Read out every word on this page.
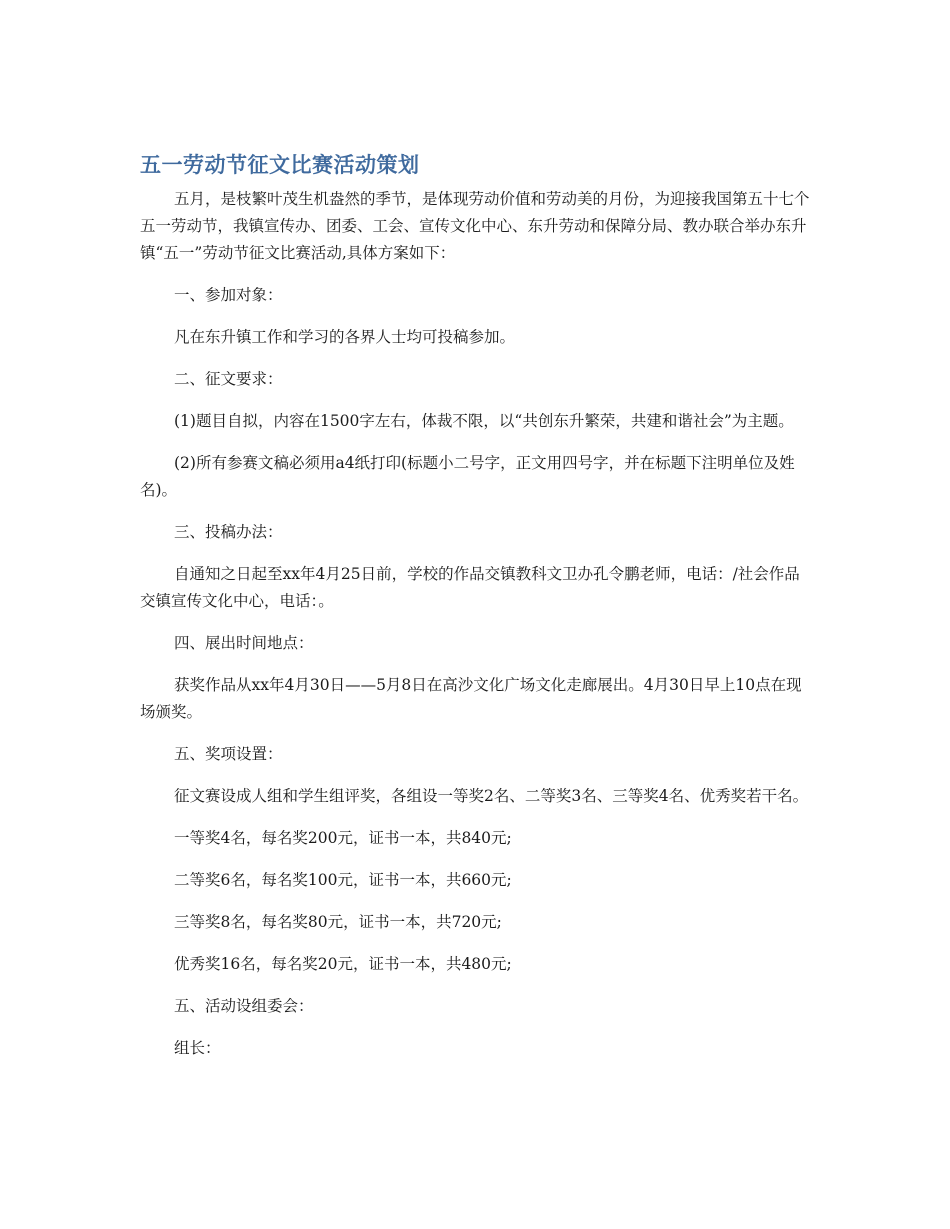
五一劳动节征文比赛活动策划

五月，是枝繁叶茂生机盎然的季节，是体现劳动价值和劳动美的月份，为迎接我国第五十七个五一劳动节，我镇宣传办、团委、工会、宣传文化中心、东升劳动和保障分局、教办联合举办东升镇“五一”劳动节征文比赛活动,具体方案如下：

一、参加对象：

凡在东升镇工作和学习的各界人士均可投稿参加。

二、征文要求：

(1)题目自拟，内容在1500字左右，体裁不限，以“共创东升繁荣，共建和谐社会”为主题。

(2)所有参赛文稿必须用a4纸打印(标题小二号字，正文用四号字，并在标题下注明单位及姓名)。

三、投稿办法：

自通知之日起至xx年4月25日前，学校的作品交镇教科文卫办孔令鹏老师，电话：/社会作品交镇宣传文化中心，电话：。

四、展出时间地点：

获奖作品从xx年4月30日——5月8日在高沙文化广场文化走廊展出。4月30日早上10点在现场颁奖。

五、奖项设置：

征文赛设成人组和学生组评奖，各组设一等奖2名、二等奖3名、三等奖4名、优秀奖若干名。

一等奖4名，每名奖200元，证书一本，共840元;

二等奖6名，每名奖100元，证书一本，共660元;

三等奖8名，每名奖80元，证书一本，共720元;

优秀奖16名，每名奖20元，证书一本，共480元;

五、活动设组委会：

组长：
